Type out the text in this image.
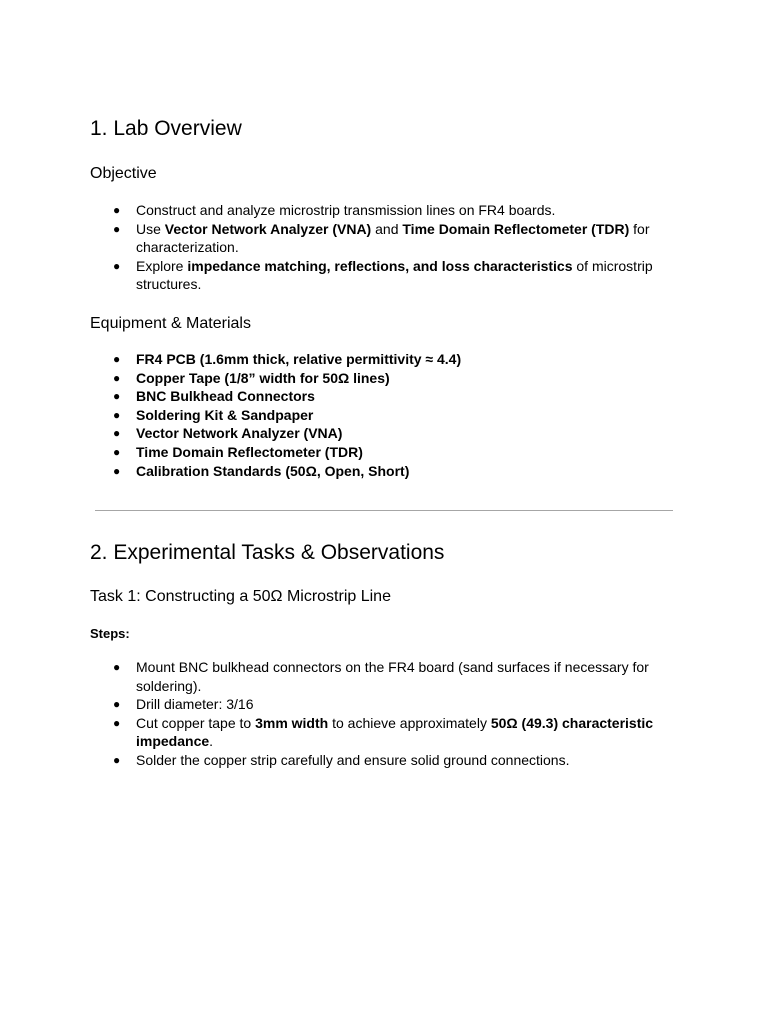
1. Lab Overview
Objective
● Construct and analyze microstrip transmission lines on FR4 boards.
● Use Vector Network Analyzer (VNA) and Time Domain Reflectometer (TDR) for characterization.
● Explore impedance matching, reflections, and loss characteristics of microstrip structures.
Equipment & Materials
● FR4 PCB (1.6mm thick, relative permittivity ≈ 4.4)
● Copper Tape (1/8” width for 50Ω lines)
● BNC Bulkhead Connectors
● Soldering Kit & Sandpaper
● Vector Network Analyzer (VNA)
● Time Domain Reflectometer (TDR)
● Calibration Standards (50Ω, Open, Short)
2. Experimental Tasks & Observations
Task 1: Constructing a 50Ω Microstrip Line
Steps:
● Mount BNC bulkhead connectors on the FR4 board (sand surfaces if necessary for soldering).
● Drill diameter: 3/16
● Cut copper tape to 3mm width to achieve approximately 50Ω (49.3) characteristic impedance.
● Solder the copper strip carefully and ensure solid ground connections.
